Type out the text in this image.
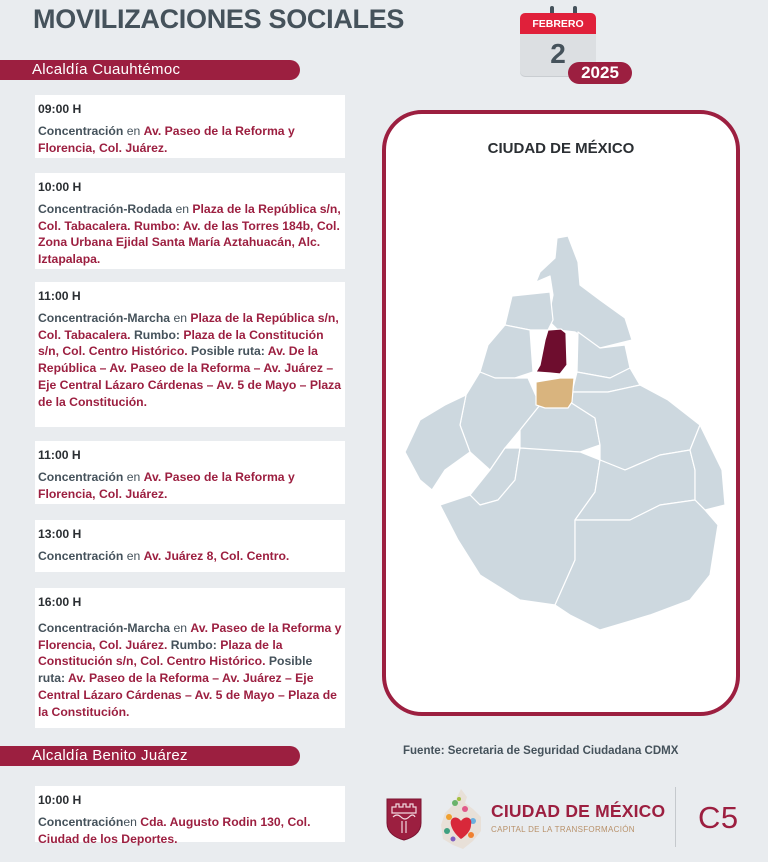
MOVILIZACIONES SOCIALES	FEBRERO
2
2025
Alcaldía Cuauhtémoc
09:00 H
Concentración en Av. Paseo de la Reforma y Florencia, Col. Juárez.
10:00 H
Concentración-Rodada en Plaza de la República s/n, Col. Tabacalera. Rumbo: Av. de las Torres 184b, Col. Zona Urbana Ejidal Santa María Aztahuacán, Alc. Iztapalapa.
11:00 H
Concentración-Marcha en Plaza de la República s/n, Col. Tabacalera. Rumbo: Plaza de la Constitución s/n, Col. Centro Histórico. Posible ruta: Av. De la República – Av. Paseo de la Reforma – Av. Juárez – Eje Central Lázaro Cárdenas – Av. 5 de Mayo – Plaza de la Constitución.
11:00 H
Concentración en Av. Paseo de la Reforma y Florencia, Col. Juárez.
13:00 H
Concentración en Av. Juárez 8, Col. Centro.
16:00 H
Concentración-Marcha en Av. Paseo de la Reforma y Florencia, Col. Juárez. Rumbo: Plaza de la Constitución s/n, Col. Centro Histórico. Posible ruta: Av. Paseo de la Reforma – Av. Juárez – Eje Central Lázaro Cárdenas – Av. 5 de Mayo – Plaza de la Constitución.
Alcaldía Benito Juárez
10:00 H
Concentraciónen Cda. Augusto Rodin 130, Col. Ciudad de los Deportes.
CIUDAD DE MÉXICO
Fuente: Secretaria de Seguridad Ciudadana CDMX
CIUDAD DE MÉXICO
CAPITAL DE LA TRANSFORMACIÓN	C5
